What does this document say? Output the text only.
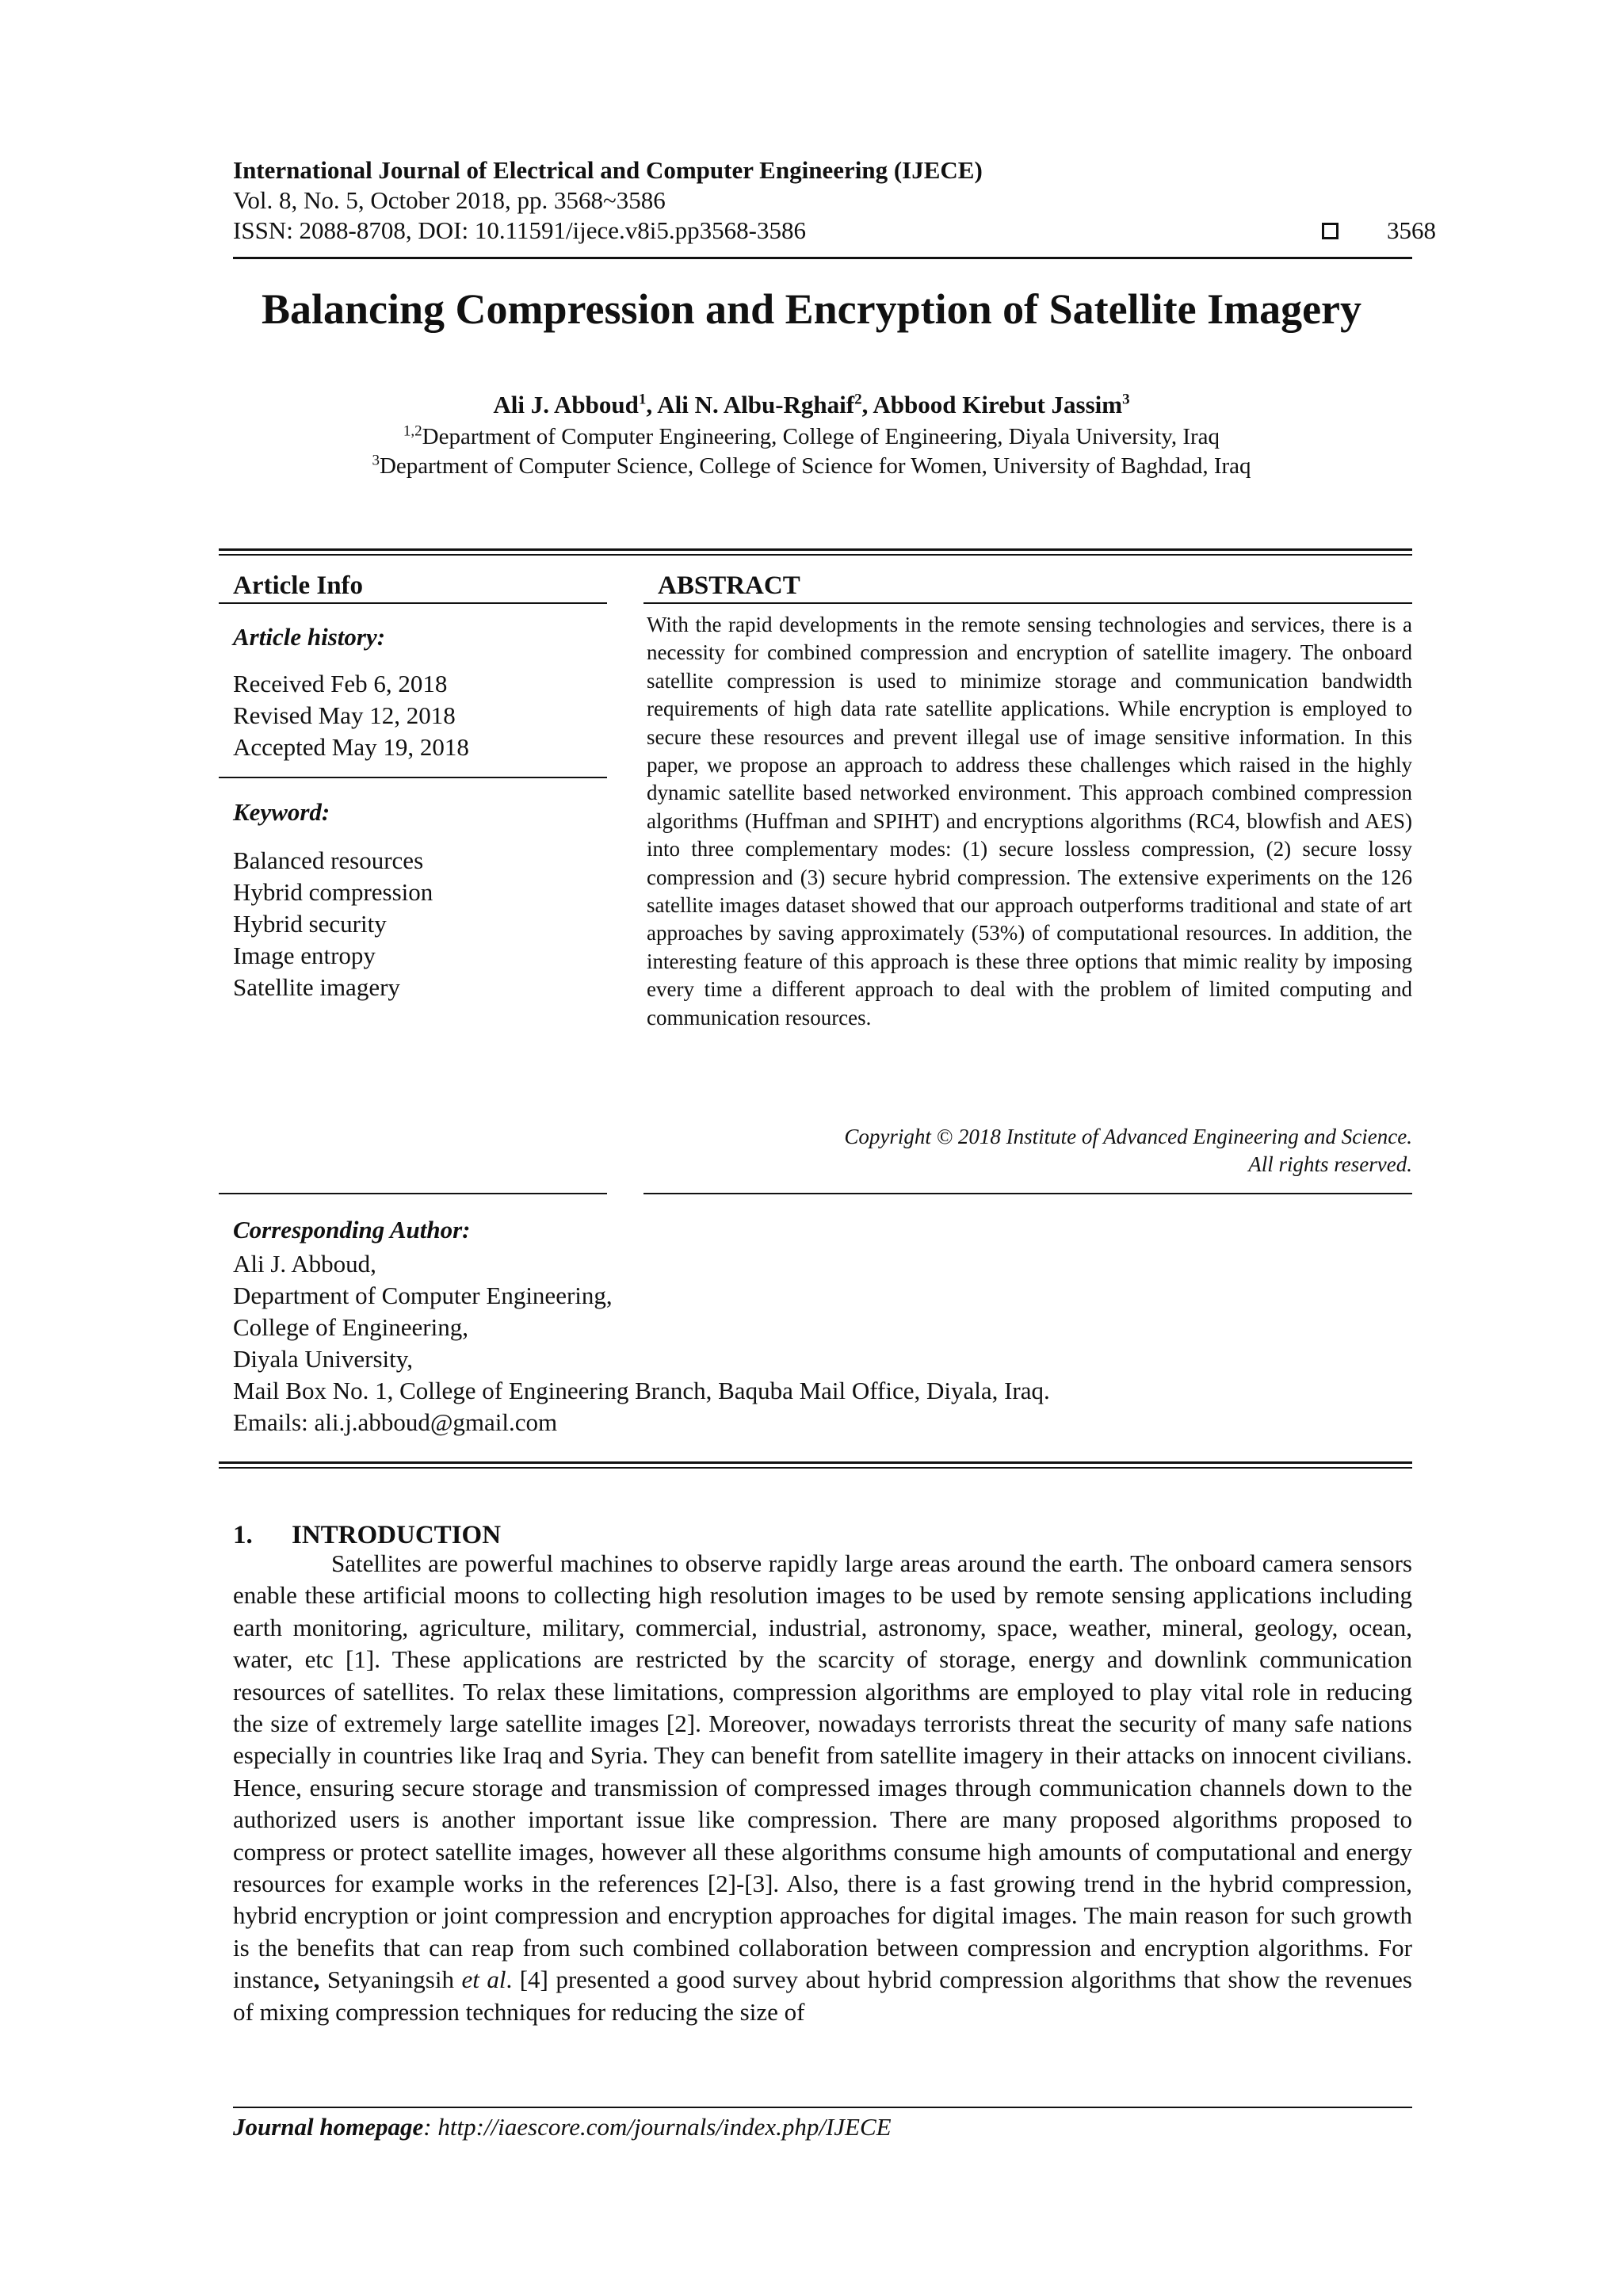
International Journal of Electrical and Computer Engineering (IJECE)
Vol. 8, No. 5, October 2018, pp. 3568~3586
ISSN: 2088-8708, DOI: 10.11591/ijece.v8i5.pp3568-3586	3568
Balancing Compression and Encryption of Satellite Imagery
Ali J. Abboud$^1$, Ali N. Albu-Rghaif$^2$, Abbood Kirebut Jassim$^3$
$^{1,2}$Department of Computer Engineering, College of Engineering, Diyala University, Iraq
$^3$Department of Computer Science, College of Science for Women, University of Baghdad, Iraq
Article Info
Article history:
Received Feb 6, 2018
Revised May 12, 2018
Accepted May 19, 2018
Keyword:
Balanced resources
Hybrid compression
Hybrid security
Image entropy
Satellite imagery
ABSTRACT
With the rapid developments in the remote sensing technologies and services, there is a necessity for combined compression and encryption of satellite imagery. The onboard satellite compression is used to minimize storage and communication bandwidth requirements of high data rate satellite applications. While encryption is employed to secure these resources and prevent illegal use of image sensitive information. In this paper, we propose an approach to address these challenges which raised in the highly dynamic satellite based networked environment. This approach combined compression algorithms (Huffman and SPIHT) and encryptions algorithms (RC4, blowfish and AES) into three complementary modes: (1) secure lossless compression, (2) secure lossy compression and (3) secure hybrid compression. The extensive experiments on the 126 satellite images dataset showed that our approach outperforms traditional and state of art approaches by saving approximately (53%) of computational resources. In addition, the interesting feature of this approach is these three options that mimic reality by imposing every time a different approach to deal with the problem of limited computing and communication resources.
Copyright © 2018 Institute of Advanced Engineering and Science.
All rights reserved.
Corresponding Author:
Ali J. Abboud,
Department of Computer Engineering,
College of Engineering,
Diyala University,
Mail Box No. 1, College of Engineering Branch, Baquba Mail Office, Diyala, Iraq.
Emails: ali.j.abboud@gmail.com
1. INTRODUCTION
Satellites are powerful machines to observe rapidly large areas around the earth. The onboard camera sensors enable these artificial moons to collecting high resolution images to be used by remote sensing applications including earth monitoring, agriculture, military, commercial, industrial, astronomy, space, weather, mineral, geology, ocean, water, etc [1]. These applications are restricted by the scarcity of storage, energy and downlink communication resources of satellites. To relax these limitations, compression algorithms are employed to play vital role in reducing the size of extremely large satellite images [2]. Moreover, nowadays terrorists threat the security of many safe nations especially in countries like Iraq and Syria. They can benefit from satellite imagery in their attacks on innocent civilians. Hence, ensuring secure storage and transmission of compressed images through communication channels down to the authorized users is another important issue like compression. There are many proposed algorithms proposed to compress or protect satellite images, however all these algorithms consume high amounts of computational and energy resources for example works in the references [2]-[3]. Also, there is a fast growing trend in the hybrid compression, hybrid encryption or joint compression and encryption approaches for digital images. The main reason for such growth is the benefits that can reap from such combined collaboration between compression and encryption algorithms. For instance, Setyaningsih et al. [4] presented a good survey about hybrid compression algorithms that show the revenues of mixing compression techniques for reducing the size of
Journal homepage: http://iaescore.com/journals/index.php/IJECE
